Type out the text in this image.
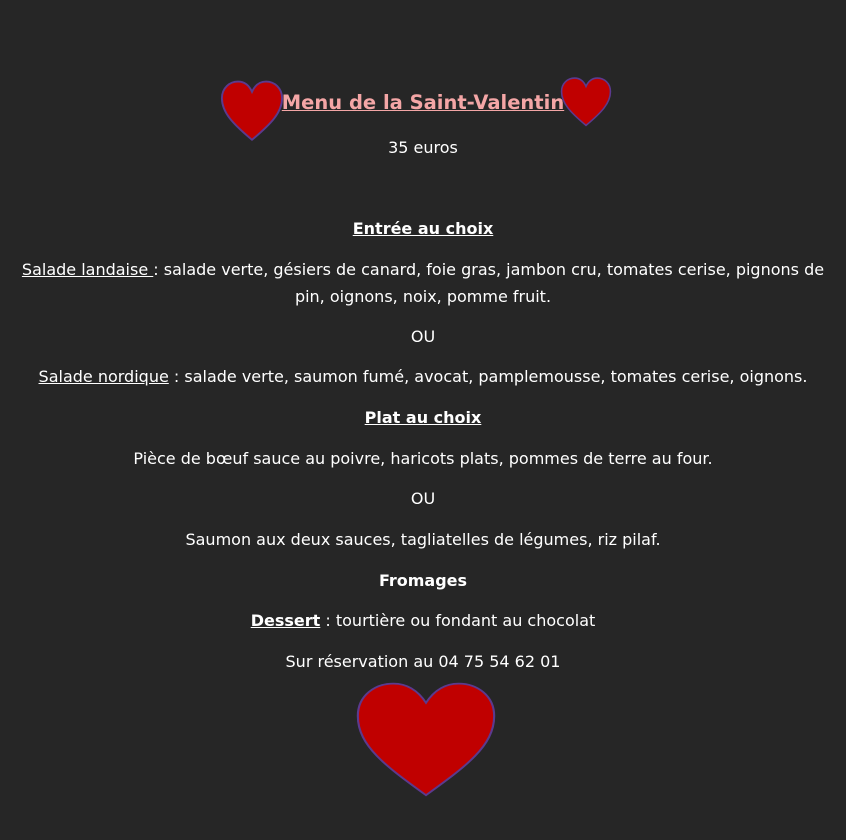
Menu de la Saint-Valentin
35 euros
Entrée au choix
Salade landaise : salade verte, gésiers de canard, foie gras, jambon cru, tomates cerise, pignons de pin, oignons, noix, pomme fruit.
OU
Salade nordique : salade verte, saumon fumé, avocat, pamplemousse, tomates cerise, oignons.
Plat au choix
Pièce de bœuf sauce au poivre, haricots plats, pommes de terre au four.
OU
Saumon aux deux sauces, tagliatelles de légumes, riz pilaf.
Fromages
Dessert : tourtière ou fondant au chocolat
Sur réservation au 04 75 54 62 01
